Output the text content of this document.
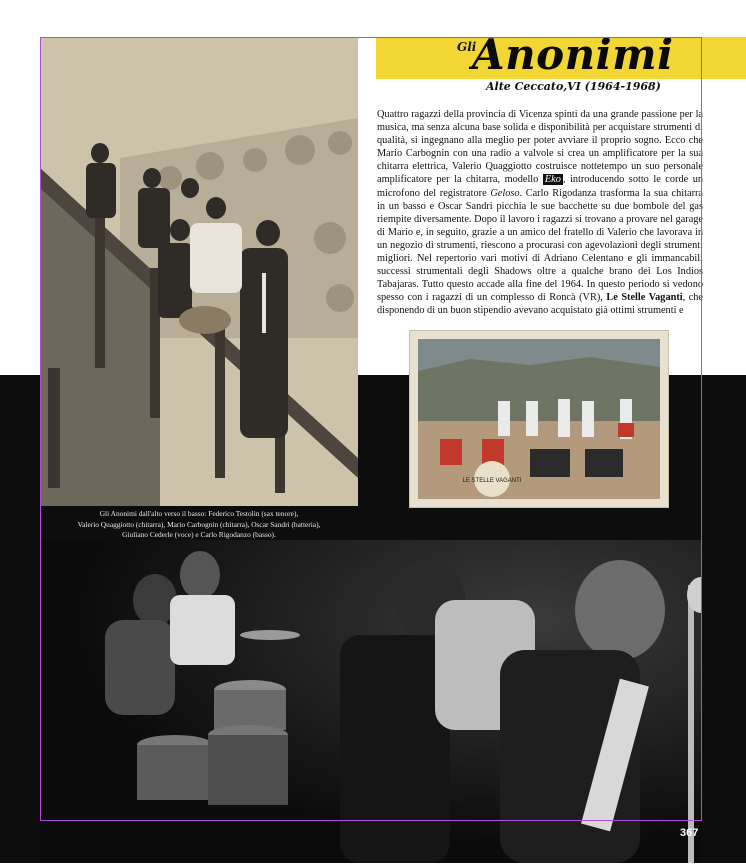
Gli Anonimi dall'alto verso il basso: Federico Testolin (sax tenore),
Valerio Quaggiotto (chitarra), Mario Carbognin (chitarra), Oscar Sandri (batteria),
Giuliano Cederle (voce) e Carlo Rigodanzo (basso).
Gli
Anonimi
Alte Ceccato,VI (1964-1968)
Quattro ragazzi della provincia di Vicenza spinti da una grande passione per la musica, ma senza alcuna base solida e disponibilità per acquistare strumenti di qualità, si ingegnano alla meglio per poter avviare il proprio sogno. Ecco che Mario Carbognin con una radio a valvole si crea un amplificatore per la sua chitarra elettrica, Valerio Quaggiotto costruisce nottetempo un suo personale amplificatore per la chitarra, modello Eko , introducendo sotto le corde un microfono del registratore Geloso. Carlo Rigodanza trasforma la sua chitarra in un basso e Oscar Sandri picchia le sue bacchette su due bombole del gas riempite diversamente. Dopo il lavoro i ragazzi si trovano a provare nel garage di Mario e, in seguito, grazie a un amico del fratello di Valerio che lavorava in un negozio di strumenti, riescono a procurasi con agevolazioni degli strumenti migliori. Nel repertorio vari motivi di Adriano Celentano e gli immancabili successi strumentali degli Shadows oltre a qualche brano dei Los Indios Tabajaras. Tutto questo accade alla fine del 1964. In questo periodo si vedono spesso con i ragazzi di un complesso di Roncà (VR), Le Stelle Vaganti, che disponendo di un buon stipendio avevano acquistato già ottimi strumenti e
LE STELLE VAGANTI
367
